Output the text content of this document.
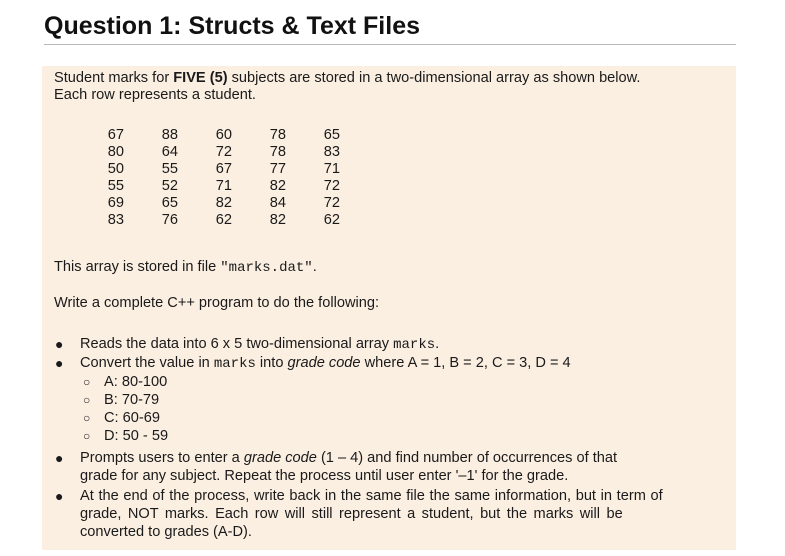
Question 1: Structs & Text Files
Student marks for FIVE (5) subjects are stored in a two-dimensional array as shown below.
Each row represents a student.
67	88	60	78	65
80	64	72	78	83
50	55	67	77	71
55	52	71	82	72
69	65	82	84	72
83	76	62	82	62
This array is stored in file "marks.dat".
Write a complete C++ program to do the following:
● Reads the data into 6 x 5 two-dimensional array marks.
● Convert the value in marks into grade code where A = 1, B = 2, C = 3, D = 4
○ A: 80-100
○ B: 70-79
○ C: 60-69
○ D: 50 - 59
● Prompts users to enter a grade code (1 – 4) and find number of occurrences of that
grade for any subject. Repeat the process until user enter '–1' for the grade.
● At the end of the process, write back in the same file the same information, but in term of
grade, NOT marks. Each row will still represent a student, but the marks will be
converted to grades (A-D).
